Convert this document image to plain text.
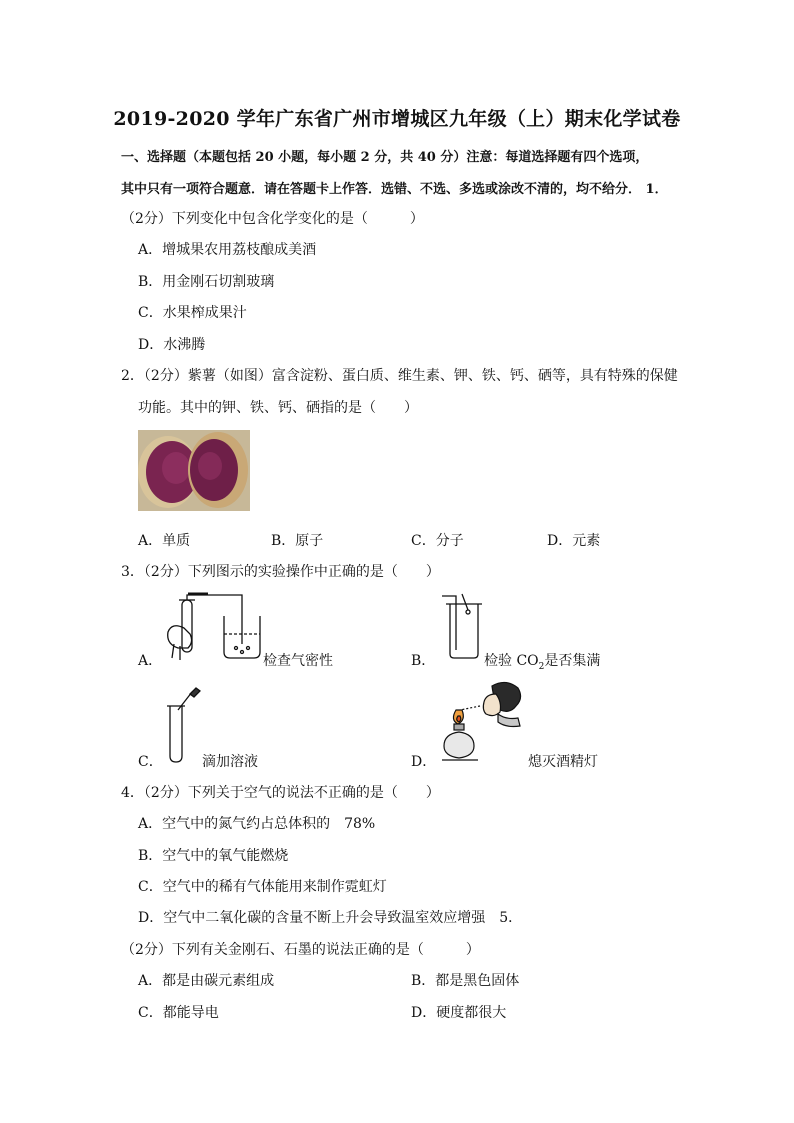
2019-2020 学年广东省广州市增城区九年级（上）期末化学试卷
一、选择题（本题包括 20 小题，每小题 2 分，共 40 分）注意：每道选择题有四个选项，
其中只有一项符合题意．请在答题卡上作答．选错、不选、多选或涂改不清的，均不给分． 1．
（2分）下列变化中包含化学变化的是（　　　）
A．增城果农用荔枝酿成美酒
B．用金刚石切割玻璃
C．水果榨成果汁
D．水沸腾
2．（2分）紫薯（如图）富含淀粉、蛋白质、维生素、钾、铁、钙、硒等，具有特殊的保健
功能。其中的钾、铁、钙、硒指的是（　　）
A．单质	B．原子	C．分子	D．元素
3．（2分）下列图示的实验操作中正确的是（　　）
A．	检查气密性	B．	检验 $CO_2$是否集满
C．	滴加溶液	D．	熄灭酒精灯
4．（2分）下列关于空气的说法不正确的是（　　）
A．空气中的氮气约占总体积的　78%
B．空气中的氧气能燃烧
C．空气中的稀有气体能用来制作霓虹灯
D．空气中二氧化碳的含量不断上升会导致温室效应增强　5．
（2分）下列有关金刚石、石墨的说法正确的是（　　　）
A．都是由碳元素组成	B．都是黑色固体
C．都能导电	D．硬度都很大
